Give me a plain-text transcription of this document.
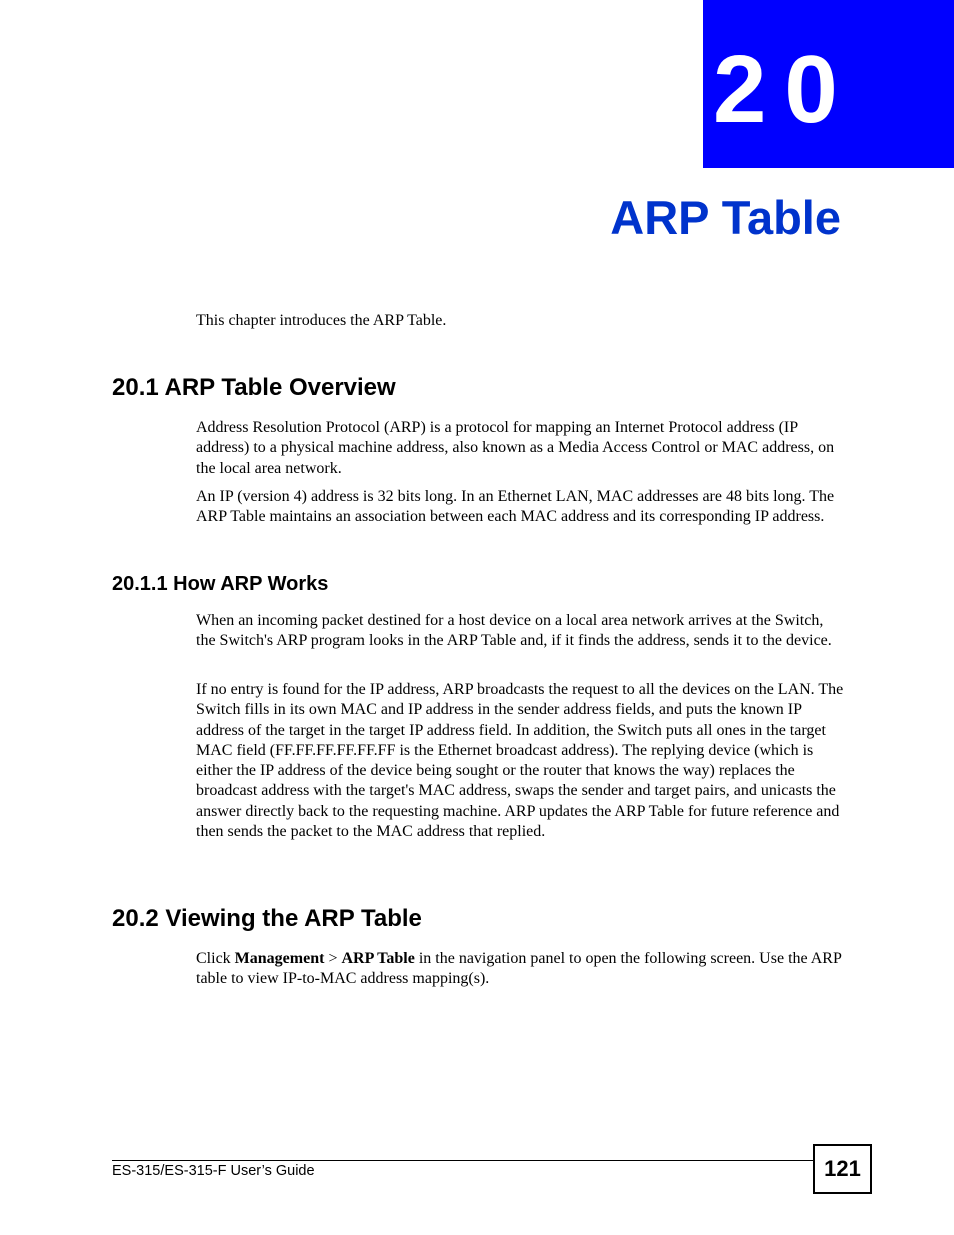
20
ARP Table

This chapter introduces the ARP Table.

20.1 ARP Table Overview

Address Resolution Protocol (ARP) is a protocol for mapping an Internet Protocol address (IP address) to a physical machine address, also known as a Media Access Control or MAC address, on the local area network.

An IP (version 4) address is 32 bits long. In an Ethernet LAN, MAC addresses are 48 bits long. The ARP Table maintains an association between each MAC address and its corresponding IP address.

20.1.1 How ARP Works

When an incoming packet destined for a host device on a local area network arrives at the Switch, the Switch's ARP program looks in the ARP Table and, if it finds the address, sends it to the device.

If no entry is found for the IP address, ARP broadcasts the request to all the devices on the LAN. The Switch fills in its own MAC and IP address in the sender address fields, and puts the known IP address of the target in the target IP address field. In addition, the Switch puts all ones in the target MAC field (FF.FF.FF.FF.FF.FF is the Ethernet broadcast address). The replying device (which is either the IP address of the device being sought or the router that knows the way) replaces the broadcast address with the target's MAC address, swaps the sender and target pairs, and unicasts the answer directly back to the requesting machine. ARP updates the ARP Table for future reference and then sends the packet to the MAC address that replied.

20.2 Viewing the ARP Table

Click Management > ARP Table in the navigation panel to open the following screen. Use the ARP table to view IP-to-MAC address mapping(s).

ES-315/ES-315-F User’s Guide	121
